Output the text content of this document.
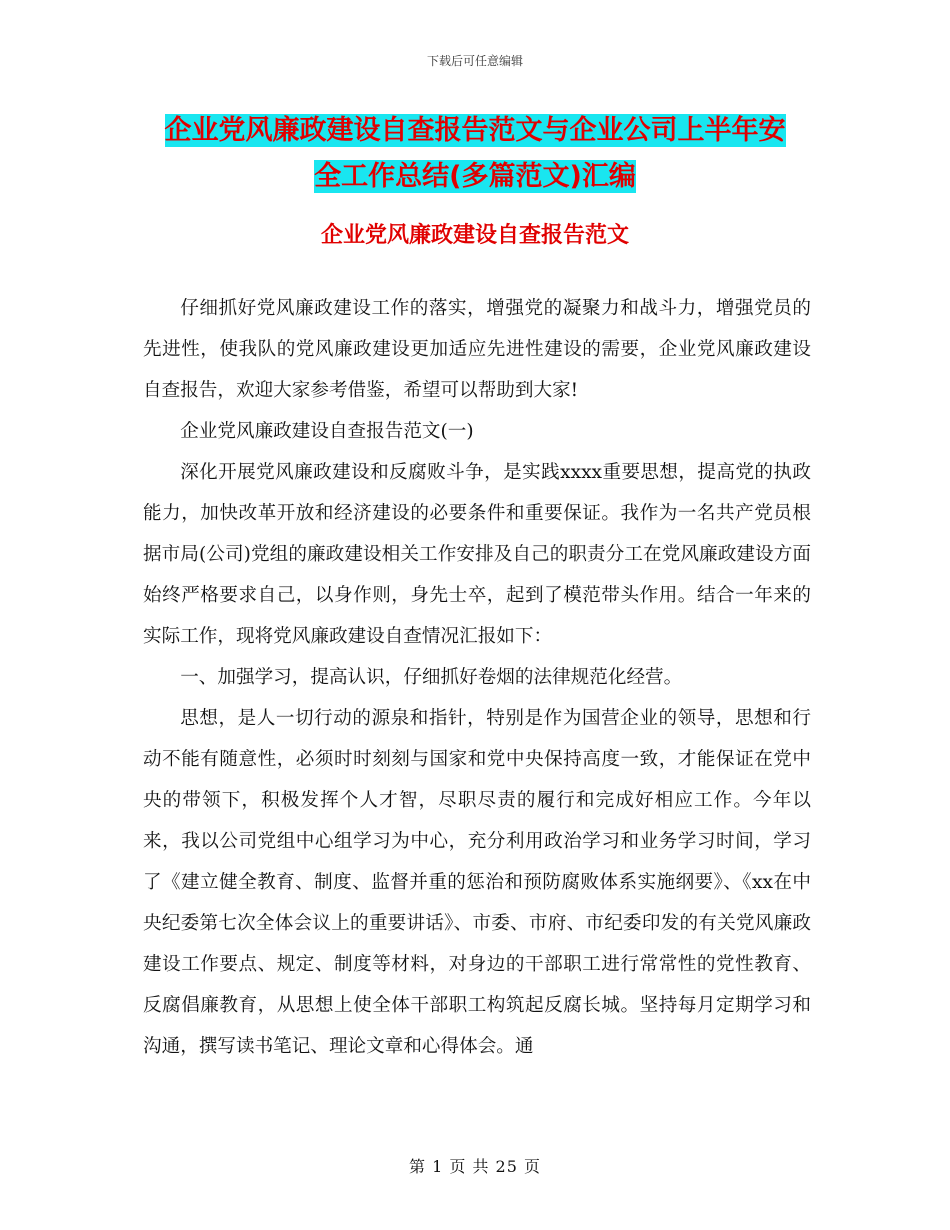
下载后可任意编辑
企业党风廉政建设自查报告范文与企业公司上半年安
全工作总结(多篇范文)汇编
企业党风廉政建设自查报告范文

仔细抓好党风廉政建设工作的落实，增强党的凝聚力和战斗力，增强党员的先进性，使我队的党风廉政建设更加适应先进性建设的需要，企业党风廉政建设自查报告，欢迎大家参考借鉴，希望可以帮助到大家!

企业党风廉政建设自查报告范文(一)

深化开展党风廉政建设和反腐败斗争，是实践xxxx重要思想，提高党的执政能力，加快改革开放和经济建设的必要条件和重要保证。我作为一名共产党员根据市局(公司)党组的廉政建设相关工作安排及自己的职责分工在党风廉政建设方面始终严格要求自己，以身作则，身先士卒，起到了模范带头作用。结合一年来的实际工作，现将党风廉政建设自查情况汇报如下：

一、加强学习，提高认识，仔细抓好卷烟的法律规范化经营。

思想，是人一切行动的源泉和指针，特别是作为国营企业的领导，思想和行动不能有随意性，必须时时刻刻与国家和党中央保持高度一致，才能保证在党中央的带领下，积极发挥个人才智，尽职尽责的履行和完成好相应工作。今年以来，我以公司党组中心组学习为中心，充分利用政治学习和业务学习时间，学习了《建立健全教育、制度、监督并重的惩治和预防腐败体系实施纲要》、《xx在中央纪委第七次全体会议上的重要讲话》、市委、市府、市纪委印发的有关党风廉政建设工作要点、规定、制度等材料，对身边的干部职工进行常常性的党性教育、反腐倡廉教育，从思想上使全体干部职工构筑起反腐长城。坚持每月定期学习和沟通，撰写读书笔记、理论文章和心得体会。通

第 1 页 共 25 页
